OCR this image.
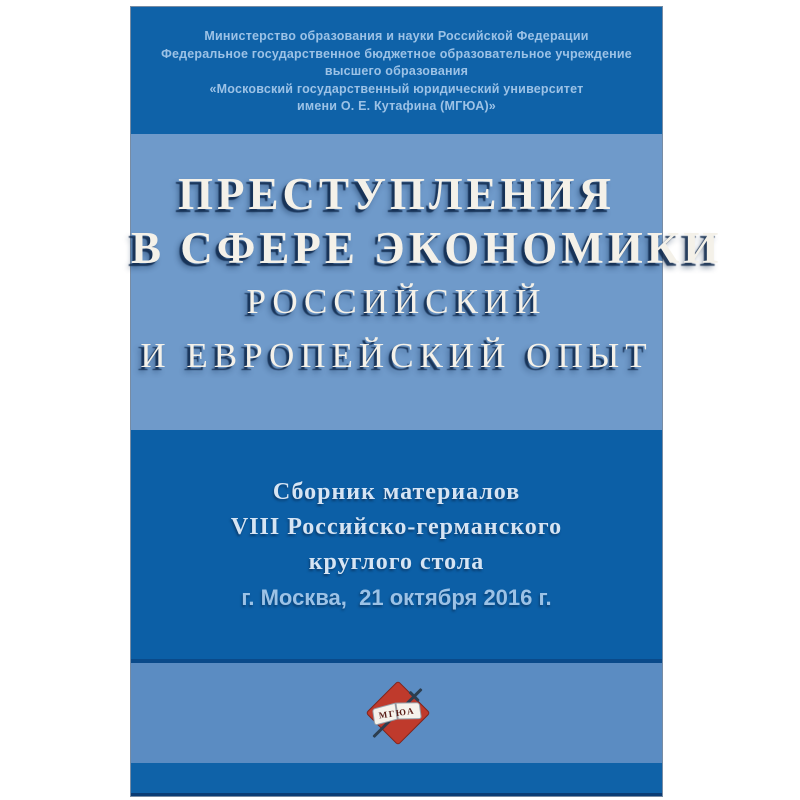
Министерство образования и науки Российской Федерации
Федеральное государственное бюджетное образовательное учреждение
высшего образования
«Московский государственный юридический университет
имени О. Е. Кутафина (МГЮА)»
ПРЕСТУПЛЕНИЯ
В СФЕРЕ ЭКОНОМИКИ
РОССИЙСКИЙ
И ЕВРОПЕЙСКИЙ ОПЫТ
Сборник материалов
VIII Российско-германского
круглого стола
г. Москва,  21 октября 2016 г.
МГЮА
